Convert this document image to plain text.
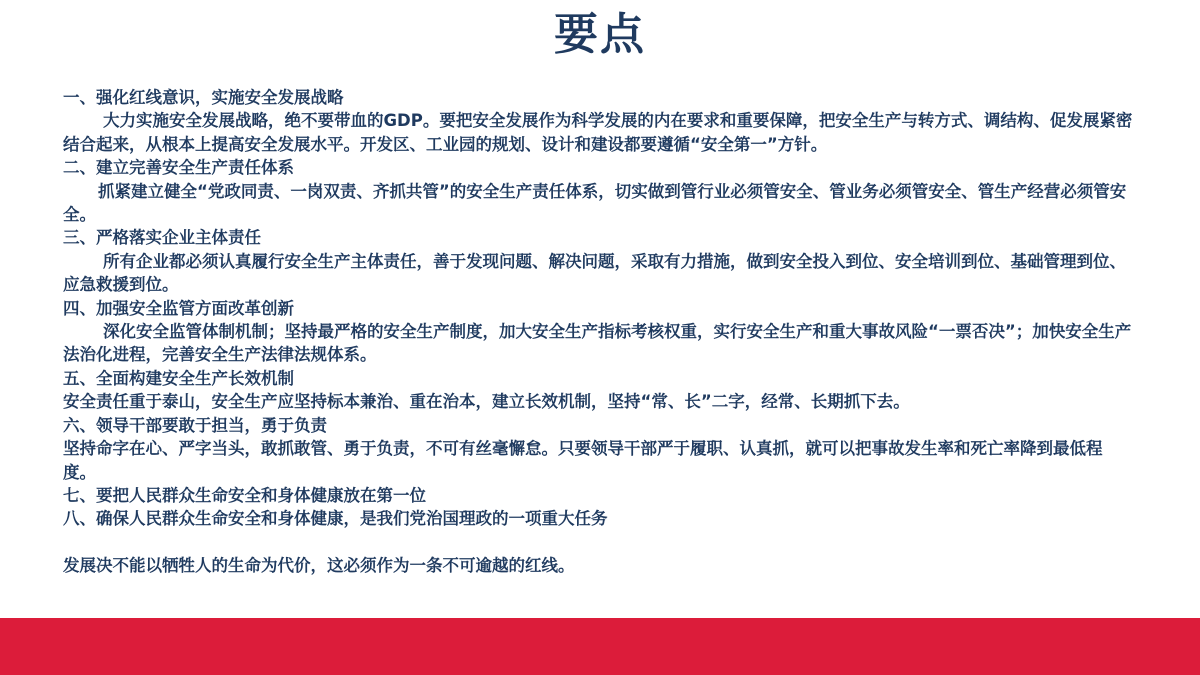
要点

一、强化红线意识，实施安全发展战略

大力实施安全发展战略，绝不要带血的GDP。要把安全发展作为科学发展的内在要求和重要保障，把安全生产与转方式、调结构、促发展紧密结合起来，从根本上提高安全发展水平。开发区、工业园的规划、设计和建设都要遵循“安全第一”方针。

二、建立完善安全生产责任体系

抓紧建立健全“党政同责、一岗双责、齐抓共管”的安全生产责任体系，切实做到管行业必须管安全、管业务必须管安全、管生产经营必须管安全。

三、严格落实企业主体责任

所有企业都必须认真履行安全生产主体责任，善于发现问题、解决问题，采取有力措施，做到安全投入到位、安全培训到位、基础管理到位、应急救援到位。

四、加强安全监管方面改革创新

深化安全监管体制机制；坚持最严格的安全生产制度，加大安全生产指标考核权重，实行安全生产和重大事故风险“一票否决”；加快安全生产法治化进程，完善安全生产法律法规体系。

五、全面构建安全生产长效机制

安全责任重于泰山，安全生产应坚持标本兼治、重在治本，建立长效机制，坚持“常、长”二字，经常、长期抓下去。

六、领导干部要敢于担当，勇于负责

坚持命字在心、严字当头，敢抓敢管、勇于负责，不可有丝毫懈怠。只要领导干部严于履职、认真抓，就可以把事故发生率和死亡率降到最低程度。

七、要把人民群众生命安全和身体健康放在第一位

八、确保人民群众生命安全和身体健康，是我们党治国理政的一项重大任务

发展决不能以牺牲人的生命为代价，这必须作为一条不可逾越的红线。
